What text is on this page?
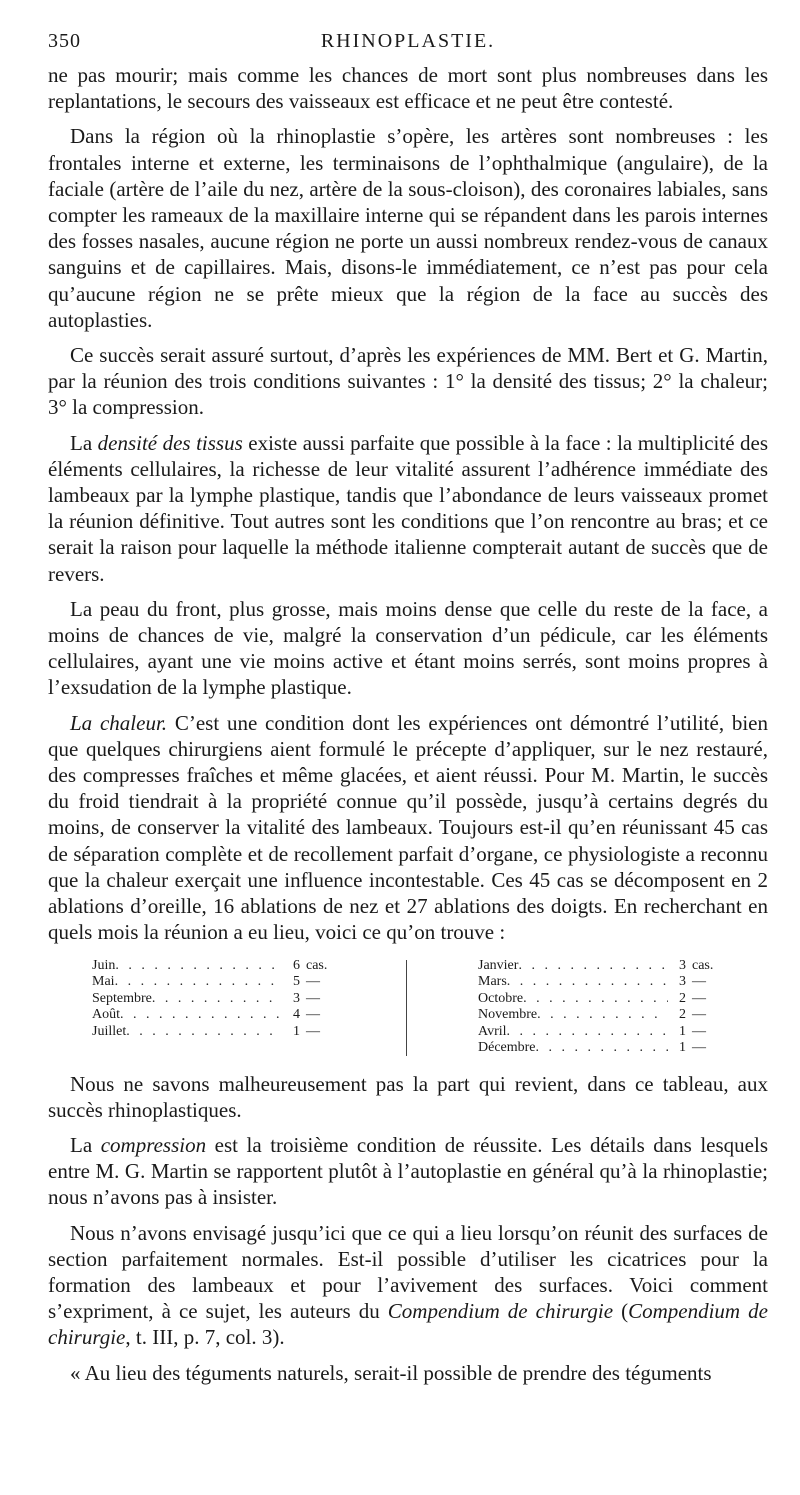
350	RHINOPLASTIE.

ne pas mourir; mais comme les chances de mort sont plus nombreuses dans les replantations, le secours des vaisseaux est efficace et ne peut être contesté.

Dans la région où la rhinoplastie s’opère, les artères sont nombreuses : les frontales interne et externe, les terminaisons de l’ophthalmique (angulaire), de la faciale (artère de l’aile du nez, artère de la sous-cloison), des coronaires labiales, sans compter les rameaux de la maxillaire interne qui se répandent dans les parois internes des fosses nasales, aucune région ne porte un aussi nombreux rendez-vous de canaux sanguins et de capillaires. Mais, disons-le immédiatement, ce n’est pas pour cela qu’aucune région ne se prête mieux que la région de la face au succès des autoplasties.

Ce succès serait assuré surtout, d’après les expériences de MM. Bert et G. Martin, par la réunion des trois conditions suivantes : 1° la densité des tissus; 2° la chaleur; 3° la compression.

La densité des tissus existe aussi parfaite que possible à la face : la multiplicité des éléments cellulaires, la richesse de leur vitalité assurent l’adhérence immédiate des lambeaux par la lymphe plastique, tandis que l’abondance de leurs vaisseaux promet la réunion définitive. Tout autres sont les conditions que l’on rencontre au bras; et ce serait la raison pour laquelle la méthode italienne compterait autant de succès que de revers.

La peau du front, plus grosse, mais moins dense que celle du reste de la face, a moins de chances de vie, malgré la conservation d’un pédicule, car les éléments cellulaires, ayant une vie moins active et étant moins serrés, sont moins propres à l’exsudation de la lymphe plastique.

La chaleur. C’est une condition dont les expériences ont démontré l’utilité, bien que quelques chirurgiens aient formulé le précepte d’appliquer, sur le nez restauré, des compresses fraîches et même glacées, et aient réussi. Pour M. Martin, le succès du froid tiendrait à la propriété connue qu’il possède, jusqu’à certains degrés du moins, de conserver la vitalité des lambeaux. Toujours est-il qu’en réunissant 45 cas de séparation complète et de recollement parfait d’organe, ce physiologiste a reconnu que la chaleur exerçait une influence incontestable. Ces 45 cas se décomposent en 2 ablations d’oreille, 16 ablations de nez et 27 ablations des doigts. En recherchant en quels mois la réunion a eu lieu, voici ce qu’on trouve :

Juin . . .	6 cas.
Mai . . .	5 —
Septembre . . .	3 —
Août . . .	4 —
Juillet . . .	1 —
Janvier . . .	3 cas.
Mars . . .	3 —
Octobre . . .	2 —
Novembre . . .	2 —
Avril . . .	1 —
Décembre . . .	1 —

Nous ne savons malheureusement pas la part qui revient, dans ce tableau, aux succès rhinoplastiques.

La compression est la troisième condition de réussite. Les détails dans lesquels entre M. G. Martin se rapportent plutôt à l’autoplastie en général qu’à la rhinoplastie; nous n’avons pas à insister.

Nous n’avons envisagé jusqu’ici que ce qui a lieu lorsqu’on réunit des surfaces de section parfaitement normales. Est-il possible d’utiliser les cicatrices pour la formation des lambeaux et pour l’avivement des surfaces. Voici comment s’expriment, à ce sujet, les auteurs du Compendium de chirurgie (Compendium de chirurgie, t. III, p. 7, col. 3).

« Au lieu des téguments naturels, serait-il possible de prendre des téguments
